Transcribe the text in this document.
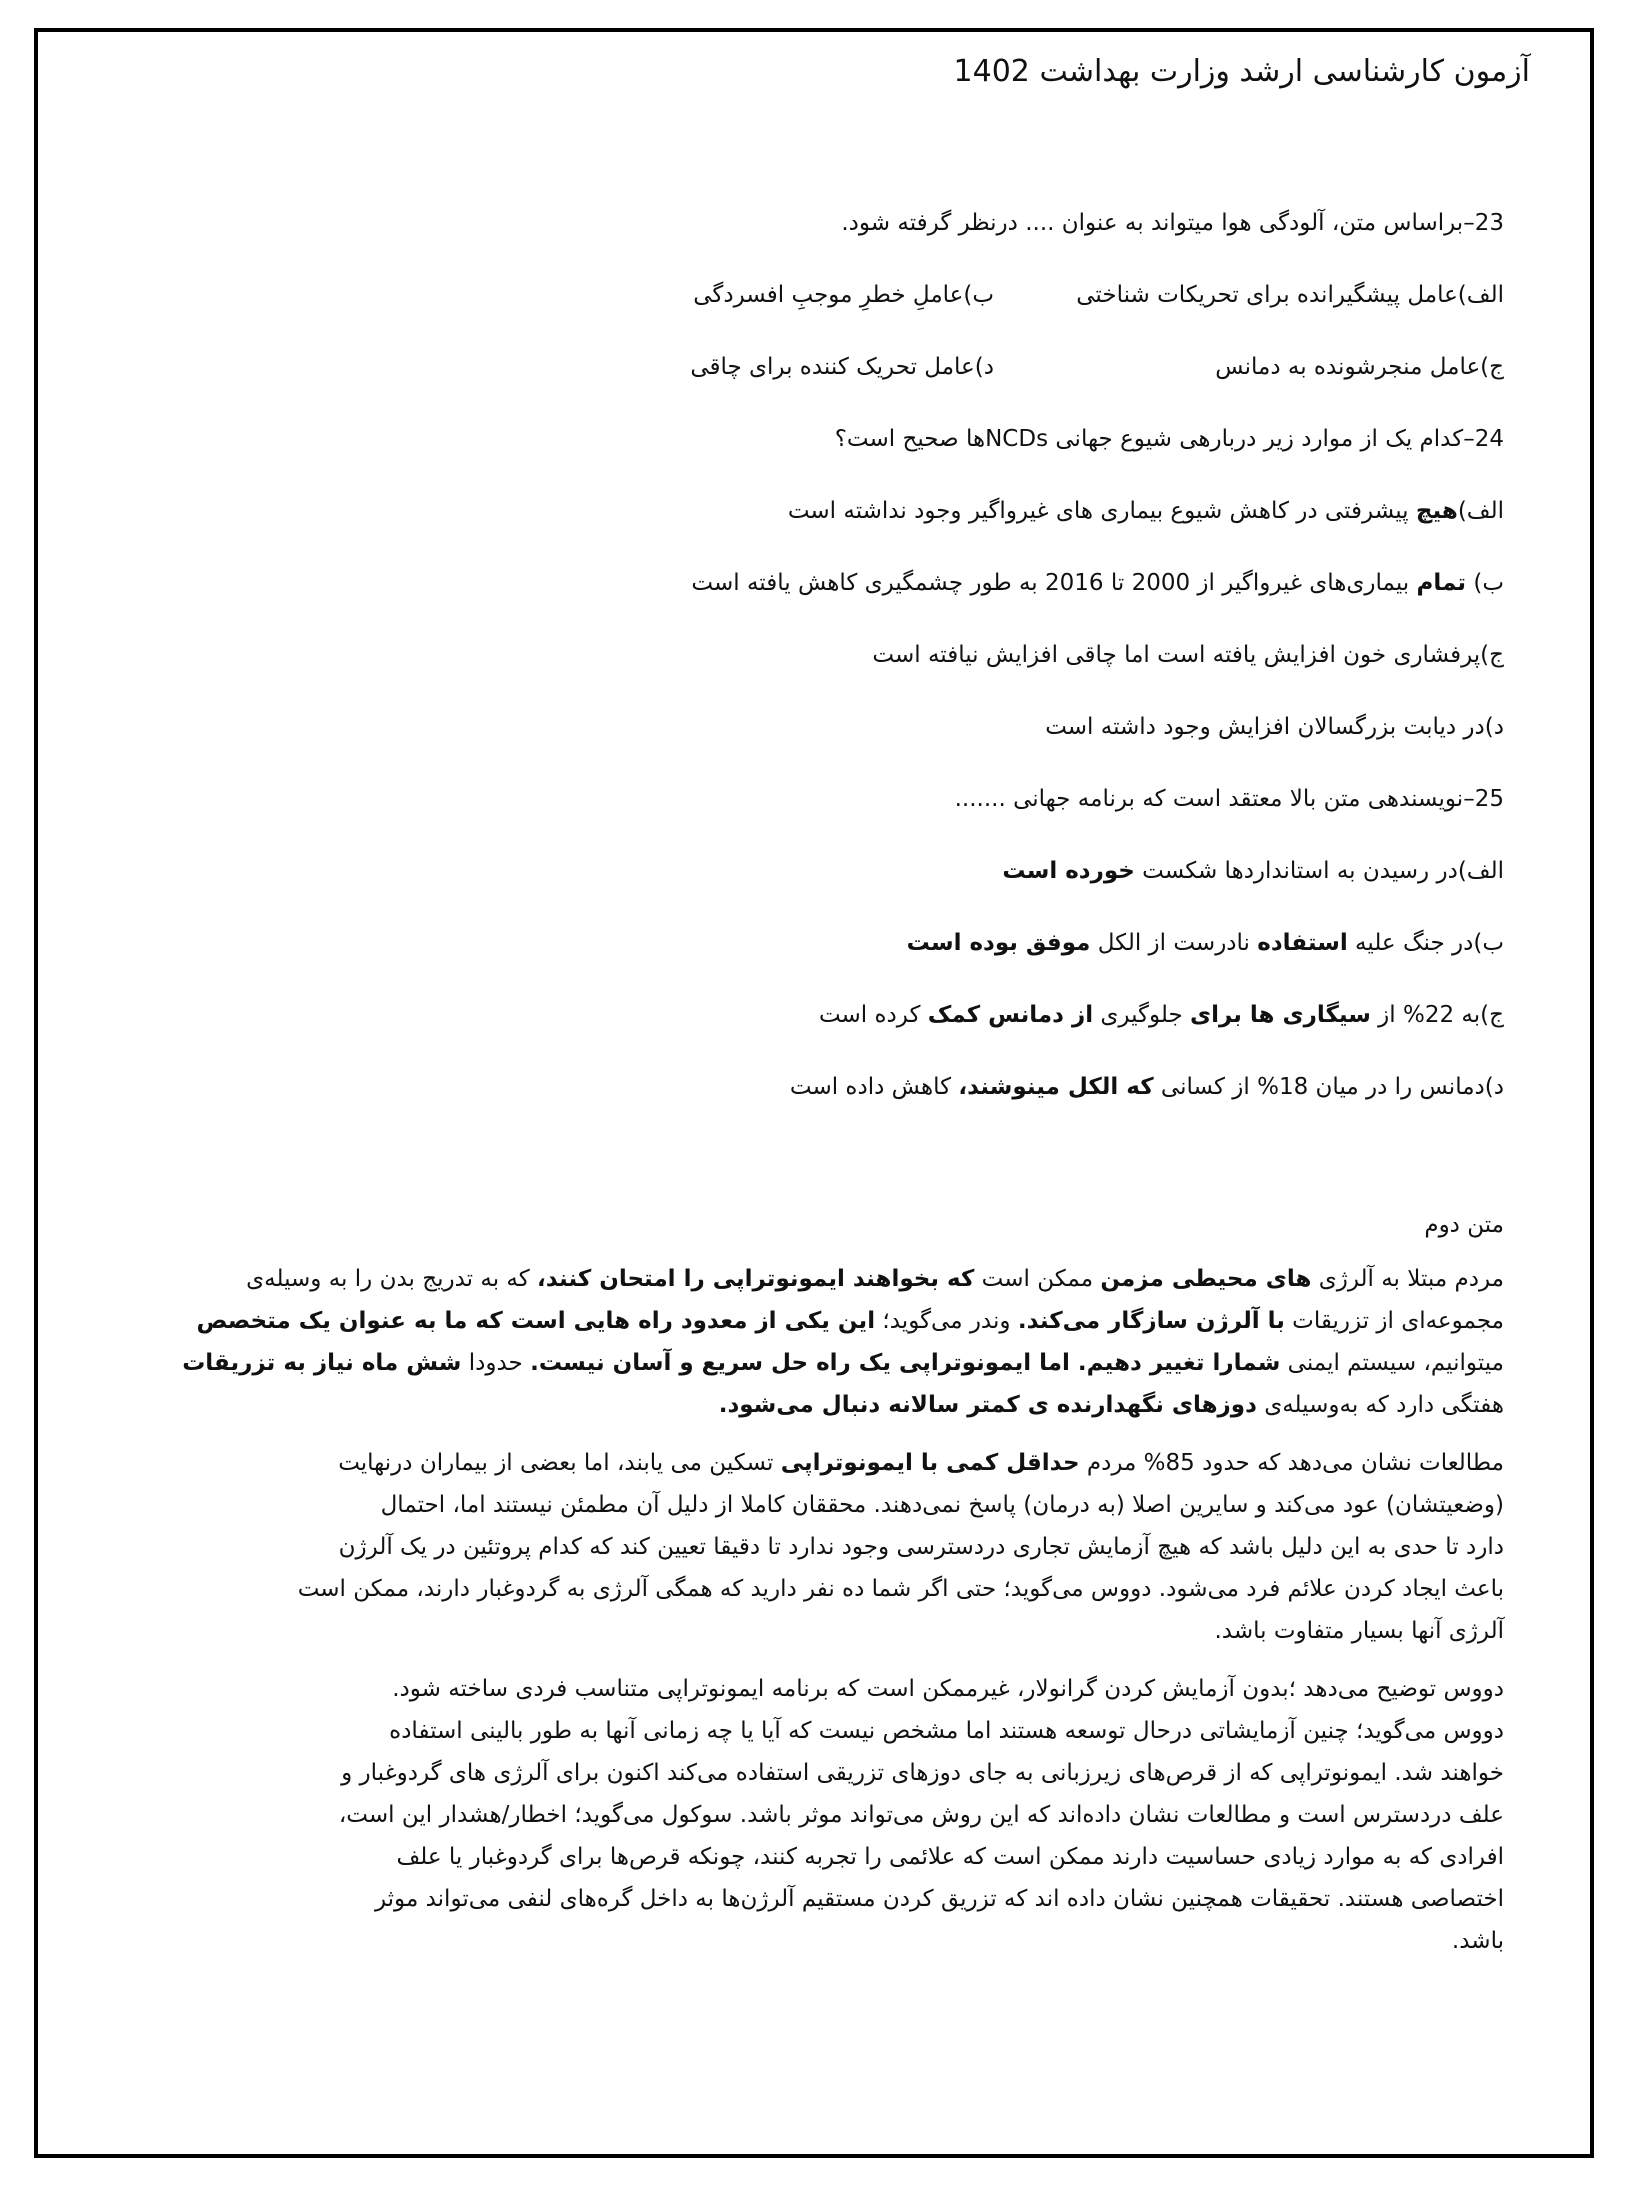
آزمون کارشناسی ارشد وزارت بهداشت 1402
23–براساس متن، آلودگی هوا میتواند به عنوان .... درنظر گرفته شود.
الف)عامل پیشگیرانده برای تحریکات شناختی
ب)عاملِ خطرِ موجبِ افسردگی
ج)عامل منجرشونده به دمانس
د)عامل تحریک کننده برای چاقی
24–کدام یک از موارد زیر دربارهی شیوع جهانی NCDsها صحیح است؟
الف)هیچ پیشرفتی در کاهش شیوع بیماری های غیرواگیر وجود نداشته است
ب) تمام بیماری‌های غیرواگیر از 2000 تا 2016 به طور چشمگیری کاهش یافته است
ج)پرفشاری خون افزایش یافته است اما چاقی افزایش نیافته است
د)در دیابت بزرگسالان افزایش وجود داشته است
25–نویسندهی متن بالا معتقد است که برنامه جهانی .......
الف)در رسیدن به استانداردها شکست خورده است
ب)در جنگ علیه استفاده نادرست از الکل موفق بوده است
ج)به 22% از سیگاری ها برای جلوگیری از دمانس کمک کرده است
د)دمانس را در میان 18% از کسانی که الکل مینوشند، کاهش داده است
متن دوم

مردم مبتلا به آلرژی های محیطی مزمن ممکن است که بخواهند ایمونوتراپی را امتحان کنند، که به تدریج بدن را به وسیله‌ی

مجموعه‌ای از تزریقات با آلرژن سازگار می‌کند. وندر می‌گوید؛ این یکی از معدود راه هایی است که ما به عنوان یک متخصص

میتوانیم، سیستم ایمنی شمارا تغییر دهیم. اما ایمونوتراپی یک راه حل سریع و آسان نیست. حدودا شش ماه نیاز به تزریقات

هفتگی دارد که به‌وسیله‌ی دوزهای نگهدارنده ی کمتر سالانه دنبال می‌شود.

مطالعات نشان می‌دهد که حدود 85% مردم حداقل کمی با ایمونوتراپی تسکین می یابند، اما بعضی از بیماران درنهایت

(وضعیتشان) عود می‌کند و سایرین اصلا (به درمان) پاسخ نمی‌دهند. محققان کاملا از دلیل آن مطمئن نیستند اما، احتمال

دارد تا حدی به این دلیل باشد که هیچ آزمایش تجاری دردسترسی وجود ندارد تا دقیقا تعیین کند که کدام پروتئین در یک آلرژن

باعث ایجاد کردن علائم فرد می‌شود. دووس می‌گوید؛ حتی اگر شما ده نفر دارید که همگی آلرژی به گردوغبار دارند، ممکن است

آلرژی آنها بسیار متفاوت باشد.

دووس توضیح می‌دهد ؛بدون آزمایش کردن گرانولار، غیرممکن است که برنامه ایمونوتراپی متناسب فردی ساخته شود.

دووس می‌گوید؛ چنین آزمایشاتی درحال توسعه هستند اما مشخص نیست که آیا یا چه زمانی آنها به طور بالینی استفاده

خواهند شد. ایمونوتراپی که از قرص‌های زیرزبانی به جای دوزهای تزریقی استفاده می‌کند اکنون برای آلرژی های گردوغبار و

علف دردسترس است و مطالعات نشان داده‌اند که این روش می‌تواند موثر باشد. سوکول می‌گوید؛ اخطار/هشدار این است،

افرادی که به موارد زیادی حساسیت دارند ممکن است که علائمی را تجربه کنند، چونکه قرص‌ها برای گردوغبار یا علف

اختصاصی هستند. تحقیقات همچنین نشان داده اند که تزریق کردن مستقیم آلرژن‌ها به داخل گره‌های لنفی می‌تواند موثر

باشد.
